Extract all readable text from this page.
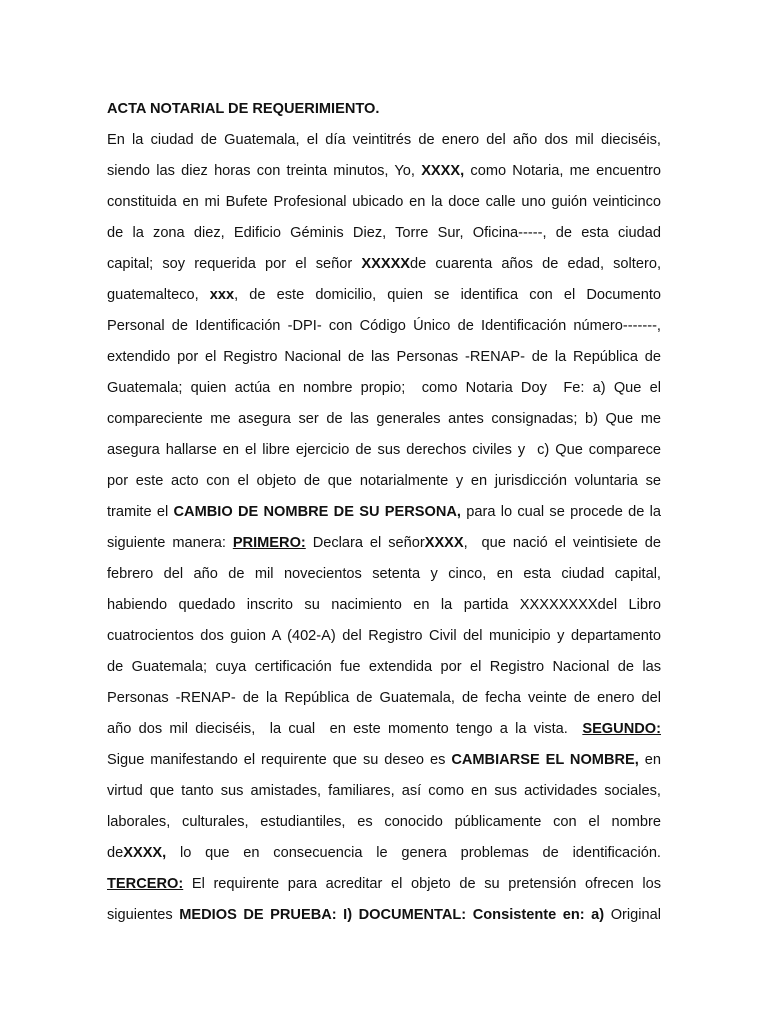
ACTA NOTARIAL DE REQUERIMIENTO.
En la ciudad de Guatemala, el día veintitrés de enero del año dos mil dieciséis,
siendo las diez horas con treinta minutos, Yo, XXXX, como Notaria, me encuentro
constituida en mi Bufete Profesional ubicado en la doce calle uno guión veinticinco
de la zona diez, Edificio Géminis Diez, Torre Sur, Oficina-----, de esta ciudad
capital; soy requerida por el señor XXXXXde cuarenta años de edad, soltero,
guatemalteco, xxx, de este domicilio, quien se identifica con el Documento
Personal de Identificación -DPI- con Código Único de Identificación número-------,
extendido por el Registro Nacional de las Personas -RENAP- de la República de
Guatemala; quien actúa en nombre propio;  como Notaria Doy  Fe: a) Que el
compareciente me asegura ser de las generales antes consignadas; b) Que me
asegura hallarse en el libre ejercicio de sus derechos civiles y  c) Que comparece
por este acto con el objeto de que notarialmente y en jurisdicción voluntaria se
tramite el CAMBIO DE NOMBRE DE SU PERSONA, para lo cual se procede de la
siguiente manera: PRIMERO: Declara el señorXXXX,  que nació el veintisiete de
febrero del año de mil novecientos setenta y cinco, en esta ciudad capital,
habiendo quedado inscrito su nacimiento en la partida XXXXXXXXdel Libro
cuatrocientos dos guion A (402-A) del Registro Civil del municipio y departamento
de Guatemala; cuya certificación fue extendida por el Registro Nacional de las
Personas -RENAP- de la República de Guatemala, de fecha veinte de enero del
año dos mil dieciséis,  la cual  en este momento tengo a la vista.  SEGUNDO:
Sigue manifestando el requirente que su deseo es CAMBIARSE EL NOMBRE, en
virtud que tanto sus amistades, familiares, así como en sus actividades sociales,
laborales, culturales, estudiantiles, es conocido públicamente con el nombre
deXXXX, lo que en consecuencia le genera problemas de identificación.
TERCERO: El requirente para acreditar el objeto de su pretensión ofrecen los
siguientes MEDIOS DE PRUEBA: I) DOCUMENTAL: Consistente en: a) Original
